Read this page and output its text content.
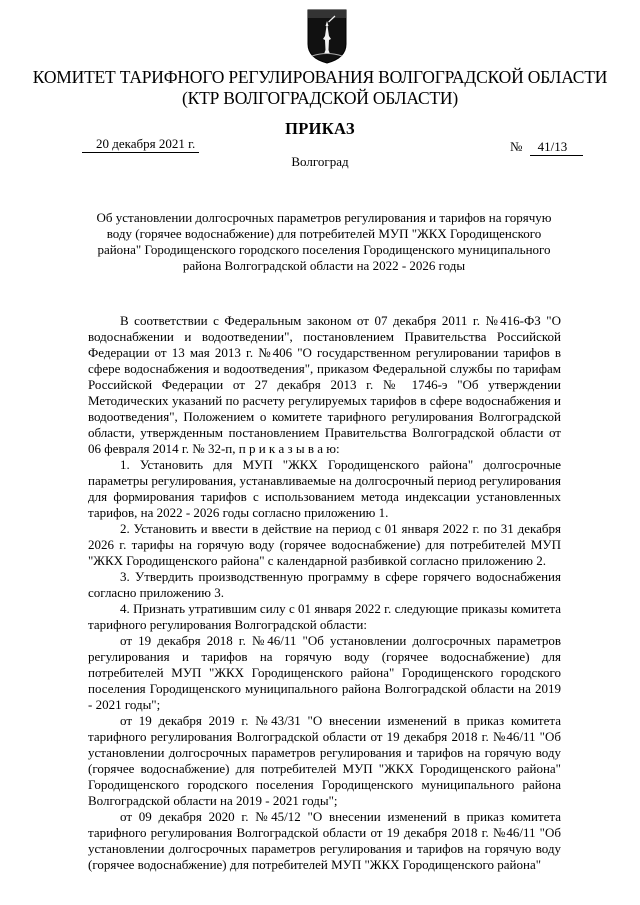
КОМИТЕТ ТАРИФНОГО РЕГУЛИРОВАНИЯ ВОЛГОГРАДСКОЙ ОБЛАСТИ
(КТР ВОЛГОГРАДСКОЙ ОБЛАСТИ)
ПРИКАЗ
20 декабря 2021 г.	№ 41/13
Волгоград
Об установлении долгосрочных параметров регулирования и тарифов на горячую воду (горячее водоснабжение) для потребителей МУП "ЖКХ Городищенского района" Городищенского городского поселения Городищенского муниципального района Волгоградской области на 2022 - 2026 годы

В соответствии с Федеральным законом от 07 декабря 2011 г. №416-ФЗ "О водоснабжении и водоотведении", постановлением Правительства Российской Федерации от 13 мая 2013 г. №406 "О государственном регулировании тарифов в сфере водоснабжения и водоотведения", приказом Федеральной службы по тарифам Российской Федерации от 27 декабря 2013 г. № 1746-э "Об утверждении Методических указаний по расчету регулируемых тарифов в сфере водоснабжения и водоотведения", Положением о комитете тарифного регулирования Волгоградской области, утвержденным постановлением Правительства Волгоградской области от 06 февраля 2014 г. № 32-п, п р и к а з ы в а ю:

1. Установить для МУП "ЖКХ Городищенского района" долгосрочные параметры регулирования, устанавливаемые на долгосрочный период регулирования для формирования тарифов с использованием метода индексации установленных тарифов, на 2022 - 2026 годы согласно приложению 1.

2. Установить и ввести в действие на период с 01 января 2022 г. по 31 декабря 2026 г. тарифы на горячую воду (горячее водоснабжение) для потребителей МУП "ЖКХ Городищенского района" с календарной разбивкой согласно приложению 2.

3. Утвердить производственную программу в сфере горячего водоснабжения согласно приложению 3.

4. Признать утратившим силу с 01 января 2022 г. следующие приказы комитета тарифного регулирования Волгоградской области:

от 19 декабря 2018 г. №46/11 "Об установлении долгосрочных параметров регулирования и тарифов на горячую воду (горячее водоснабжение) для потребителей МУП "ЖКХ Городищенского района" Городищенского городского поселения Городищенского муниципального района Волгоградской области на 2019 - 2021 годы";

от 19 декабря 2019 г. №43/31 "О внесении изменений в приказ комитета тарифного регулирования Волгоградской области от 19 декабря 2018 г. №46/11 "Об установлении долгосрочных параметров регулирования и тарифов на горячую воду (горячее водоснабжение) для потребителей МУП "ЖКХ Городищенского района" Городищенского городского поселения Городищенского муниципального района Волгоградской области на 2019 - 2021 годы";

от 09 декабря 2020 г. №45/12 "О внесении изменений в приказ комитета тарифного регулирования Волгоградской области от 19 декабря 2018 г. №46/11 "Об установлении долгосрочных параметров регулирования и тарифов на горячую воду (горячее водоснабжение) для потребителей МУП "ЖКХ Городищенского района"
